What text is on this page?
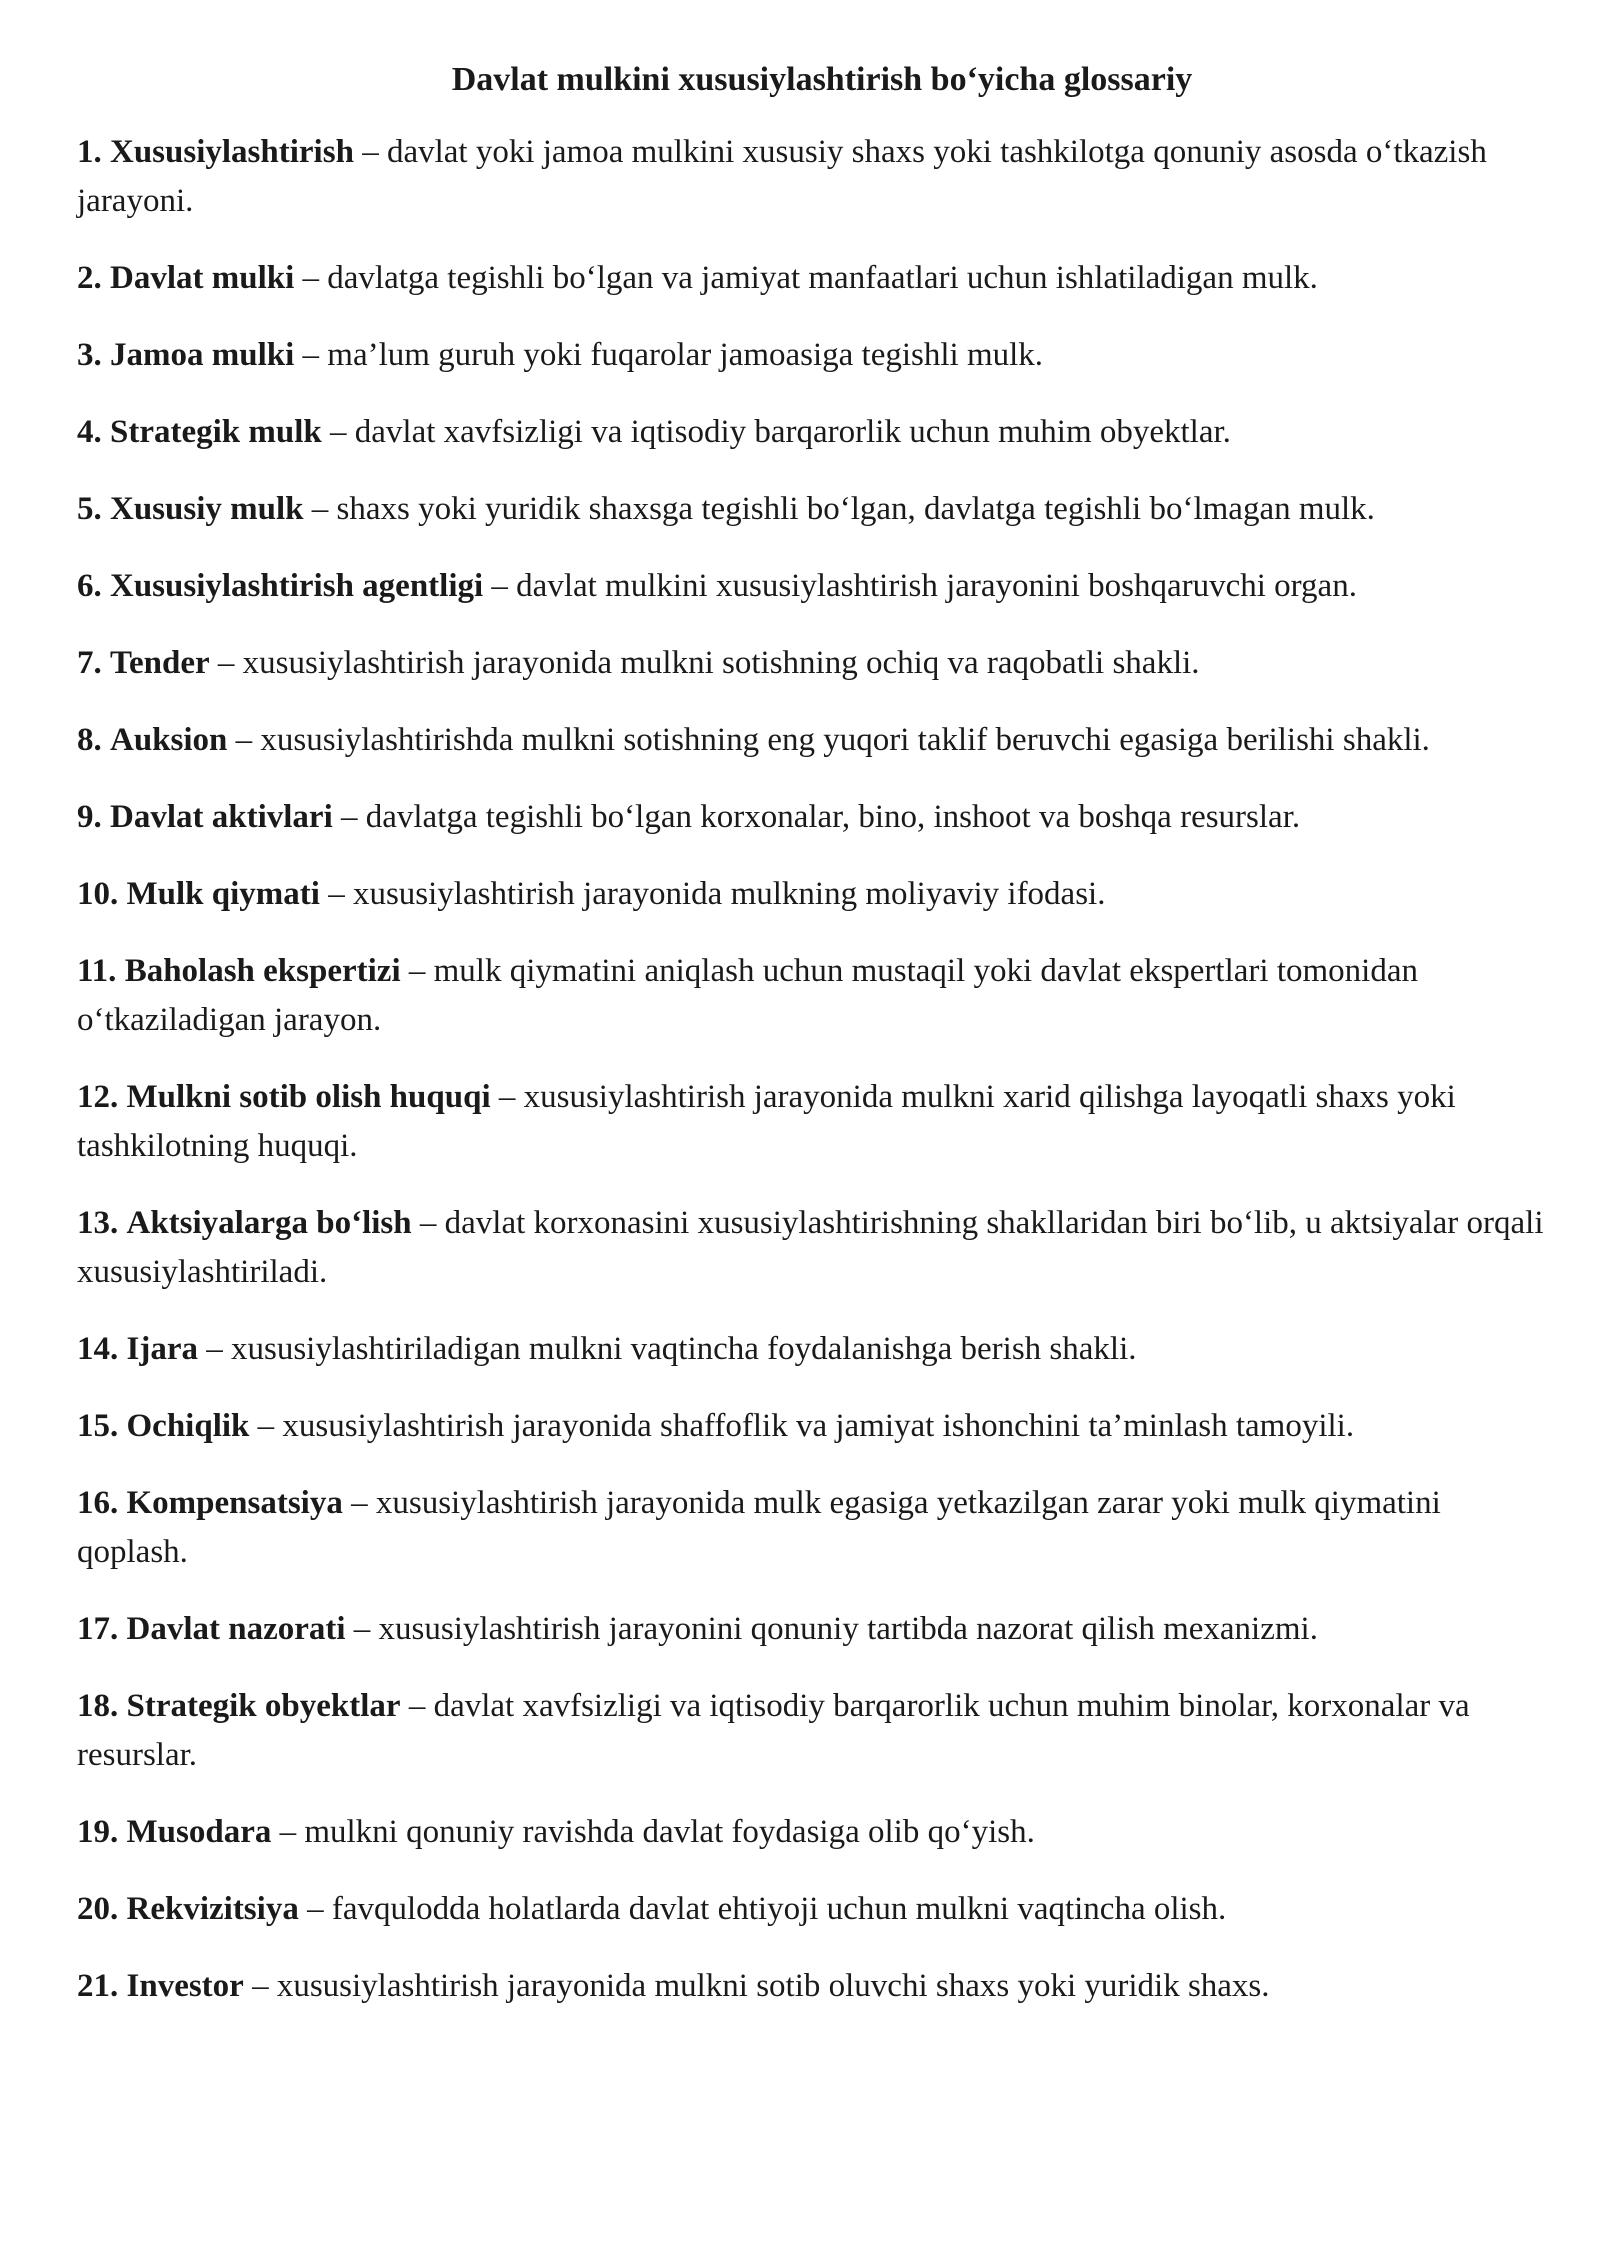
Davlat mulkini xususiylashtirish bo‘yicha glossariy

1. Xususiylashtirish – davlat yoki jamoa mulkini xususiy shaxs yoki tashkilotga qonuniy asosda o‘tkazish jarayoni.

2. Davlat mulki – davlatga tegishli bo‘lgan va jamiyat manfaatlari uchun ishlatiladigan mulk.

3. Jamoa mulki – ma’lum guruh yoki fuqarolar jamoasiga tegishli mulk.

4. Strategik mulk – davlat xavfsizligi va iqtisodiy barqarorlik uchun muhim obyektlar.

5. Xususiy mulk – shaxs yoki yuridik shaxsga tegishli bo‘lgan, davlatga tegishli bo‘lmagan mulk.

6. Xususiylashtirish agentligi – davlat mulkini xususiylashtirish jarayonini boshqaruvchi organ.

7. Tender – xususiylashtirish jarayonida mulkni sotishning ochiq va raqobatli shakli.

8. Auksion – xususiylashtirishda mulkni sotishning eng yuqori taklif beruvchi egasiga berilishi shakli.

9. Davlat aktivlari – davlatga tegishli bo‘lgan korxonalar, bino, inshoot va boshqa resurslar.

10. Mulk qiymati – xususiylashtirish jarayonida mulkning moliyaviy ifodasi.

11. Baholash ekspertizi – mulk qiymatini aniqlash uchun mustaqil yoki davlat ekspertlari tomonidan o‘tkaziladigan jarayon.

12. Mulkni sotib olish huquqi – xususiylashtirish jarayonida mulkni xarid qilishga layoqatli shaxs yoki tashkilotning huquqi.

13. Aktsiyalarga bo‘lish – davlat korxonasini xususiylashtirishning shakllaridan biri bo‘lib, u aktsiyalar orqali xususiylashtiriladi.

14. Ijara – xususiylashtiriladigan mulkni vaqtincha foydalanishga berish shakli.

15. Ochiqlik – xususiylashtirish jarayonida shaffoflik va jamiyat ishonchini ta’minlash tamoyili.

16. Kompensatsiya – xususiylashtirish jarayonida mulk egasiga yetkazilgan zarar yoki mulk qiymatini qoplash.

17. Davlat nazorati – xususiylashtirish jarayonini qonuniy tartibda nazorat qilish mexanizmi.

18. Strategik obyektlar – davlat xavfsizligi va iqtisodiy barqarorlik uchun muhim binolar, korxonalar va resurslar.

19. Musodara – mulkni qonuniy ravishda davlat foydasiga olib qo‘yish.

20. Rekvizitsiya – favqulodda holatlarda davlat ehtiyoji uchun mulkni vaqtincha olish.

21. Investor – xususiylashtirish jarayonida mulkni sotib oluvchi shaxs yoki yuridik shaxs.
